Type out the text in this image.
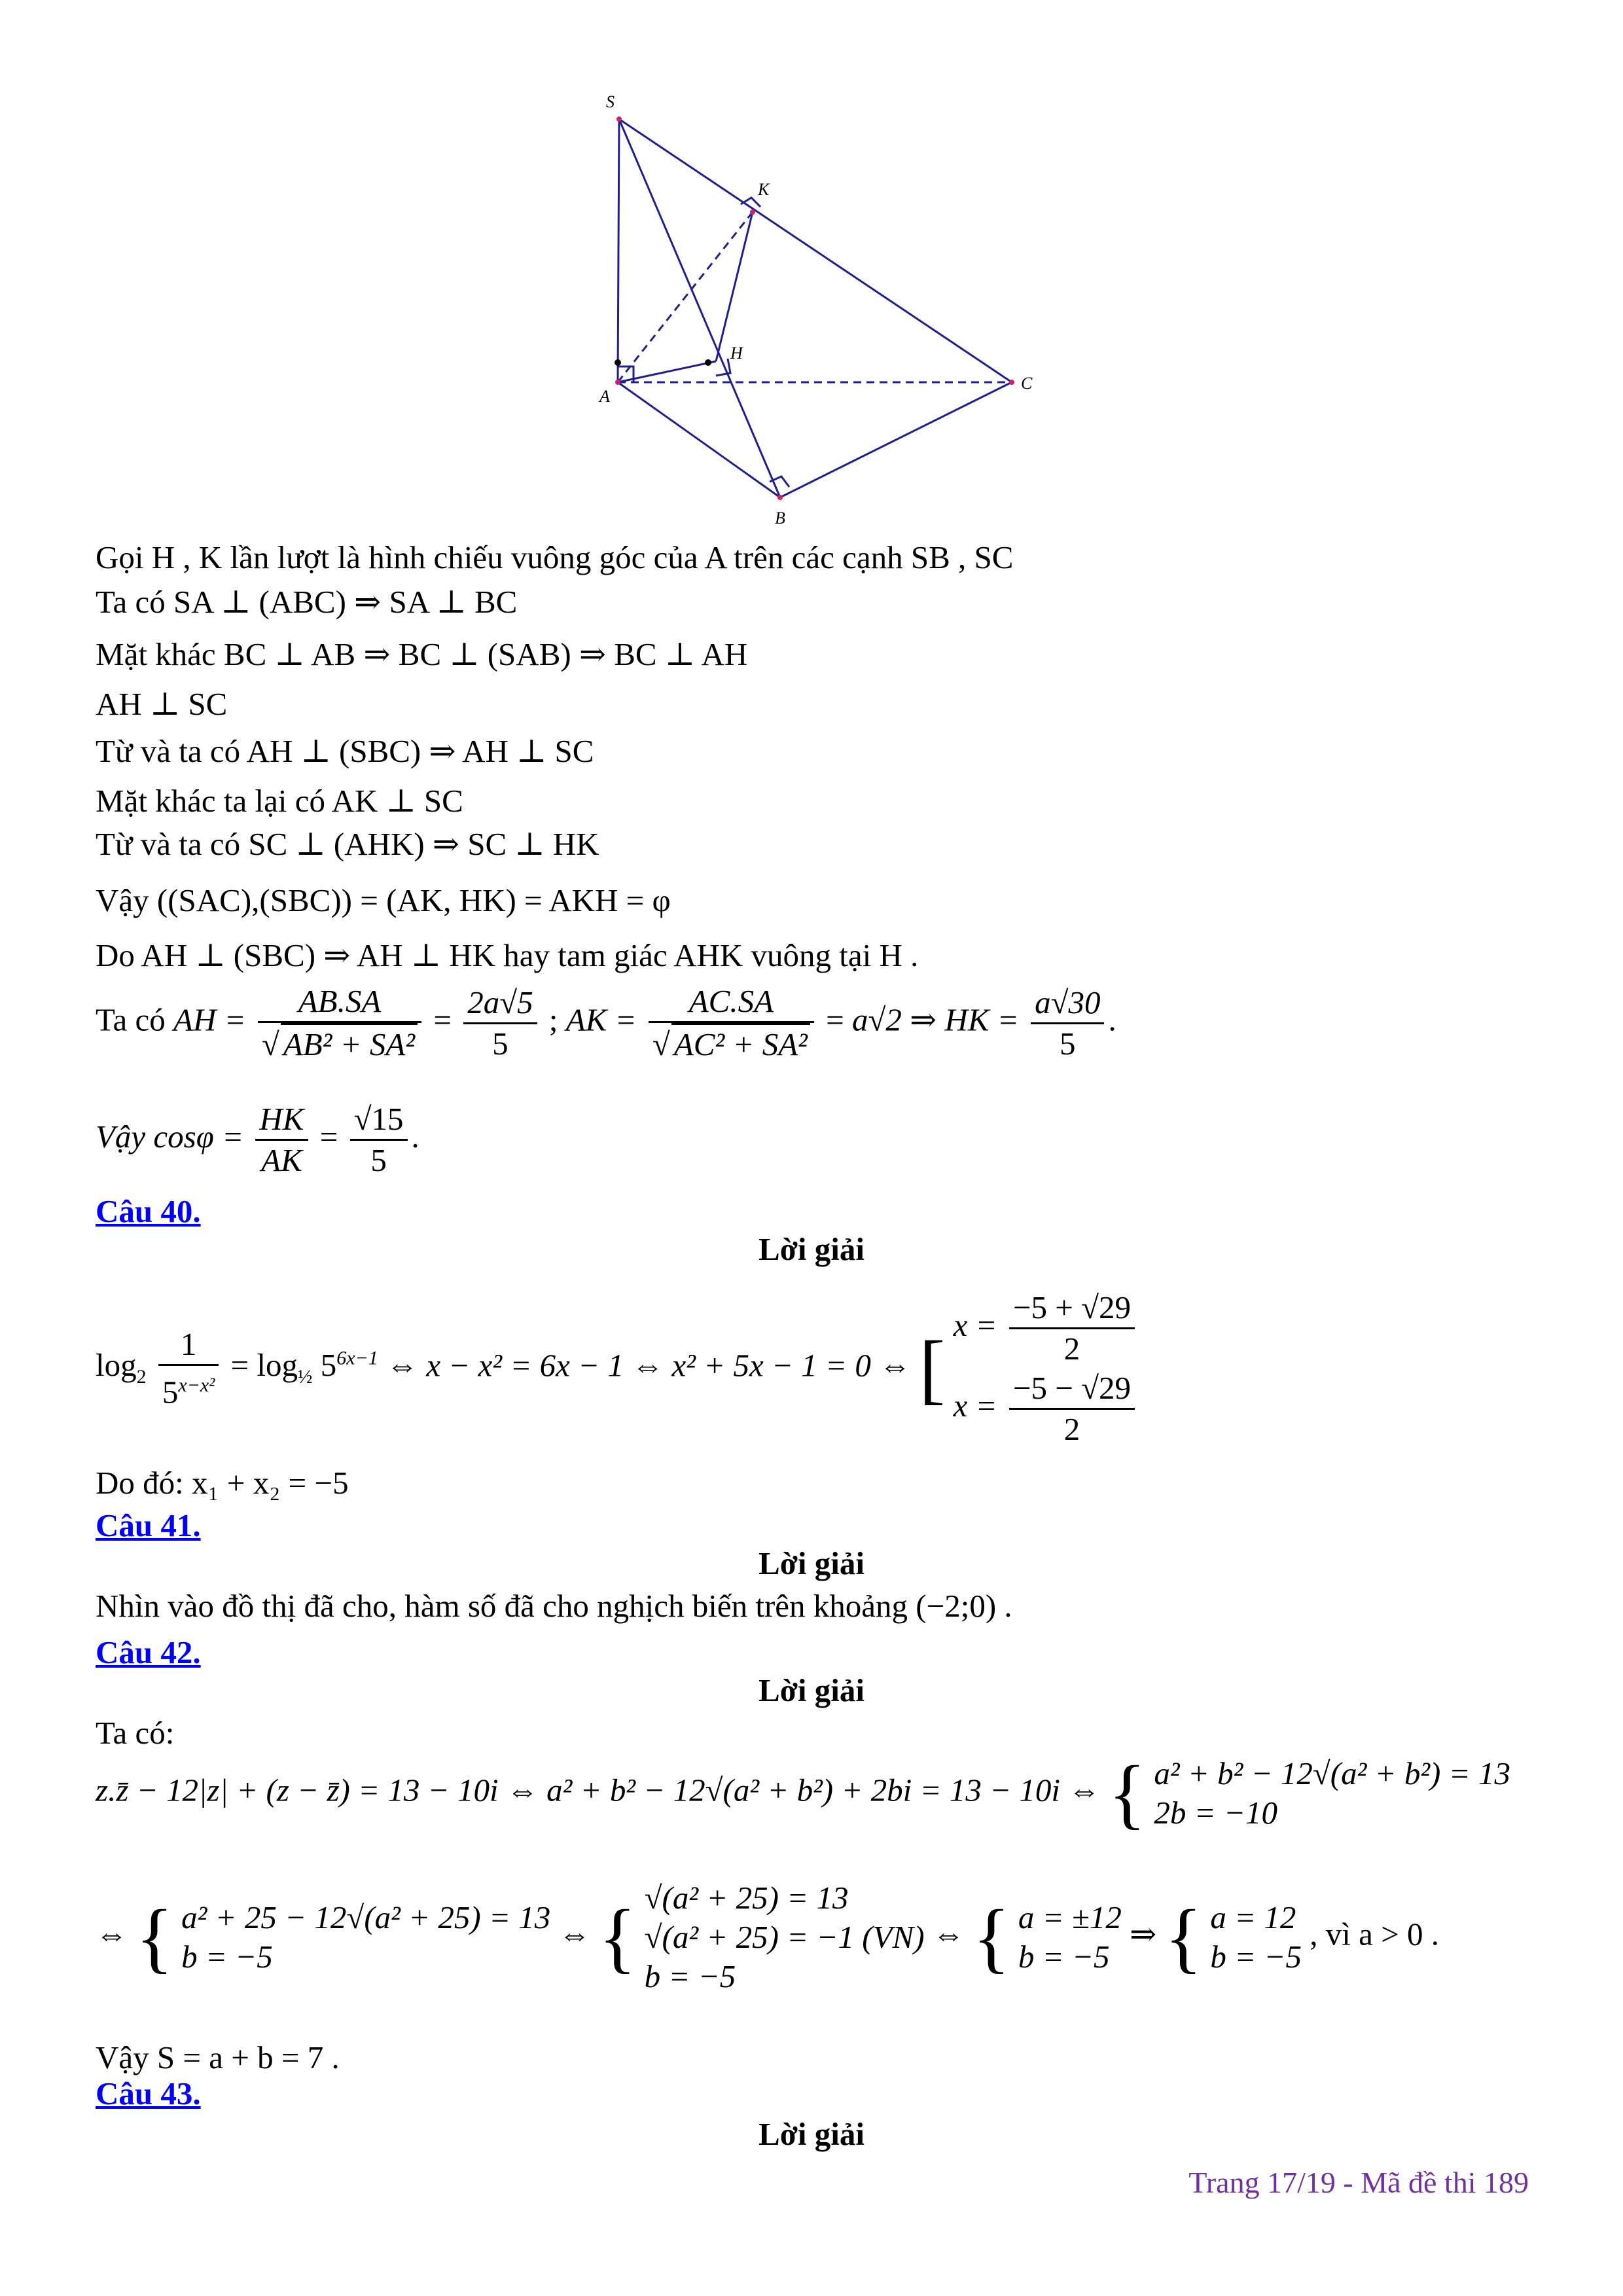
S
K
H
A
C
B
Gọi H , K lần lượt là hình chiếu vuông góc của A trên các cạnh SB , SC
Ta có SA ⊥ (ABC) ⇒ SA ⊥ BC
Mặt khác BC ⊥ AB ⇒ BC ⊥ (SAB) ⇒ BC ⊥ AH
AH ⊥ SC
Từ và ta có AH ⊥ (SBC) ⇒ AH ⊥ SC
Mặt khác ta lại có AK ⊥ SC
Từ và ta có SC ⊥ (AHK) ⇒ SC ⊥ HK
Vậy ((SAC),(SBC)) = (AK, HK) = AKH = φ
Do AH ⊥ (SBC) ⇒ AH ⊥ HK hay tam giác AHK vuông tại H .
Ta có AH = $\frac{AB.SA}{\text{√ AB² + SA²}} = \frac{2a√5}{5}$ ; AK = $\frac{AC.SA}{\text{√ AC² + SA²}} = a√2$ ⇒ HK = $\frac{a√30}{5}$ .
Vậy $\cos\varphi = \frac{HK}{AK} = \frac{√15}{5}$ .
Câu 40.
Lời giải
$\log_2 \frac{1}{5^{x-x^2}} = \log_{\frac{1}{2}} 5^{6x-1}$ ⇔ x − x² = 6x − 1 ⇔ x² + 5x − 1 = 0 ⇔ [ $x = \frac{-5 + √29}{2}$
$x = \frac{-5 - √29}{2}$
Do đó: x₁ + x₂ = −5
Câu 41.
Lời giải
Nhìn vào đồ thị đã cho, hàm số đã cho nghịch biến trên khoảng (−2;0) .
Câu 42.
Lời giải
Ta có:
z.z̄ − 12|z| + (z − z̄) = 13 − 10i ⇔ a² + b² − 12√(a² + b²) + 2bi = 13 − 10i ⇔ { a² + b² − 12√(a² + b²) = 13
2b = −10
⇔ { a² + 25 − 12√(a² + 25) = 13
b = −5
⇔ { √(a² + 25) = 13
√(a² + 25) = −1 (VN)
b = −5
⇔ { a = ±12
b = −5
⇒ { a = 12
b = −5
, vì a > 0 .
Vậy S = a + b = 7 .
Câu 43.
Lời giải
Trang 17/19 - Mã đề thi 189
